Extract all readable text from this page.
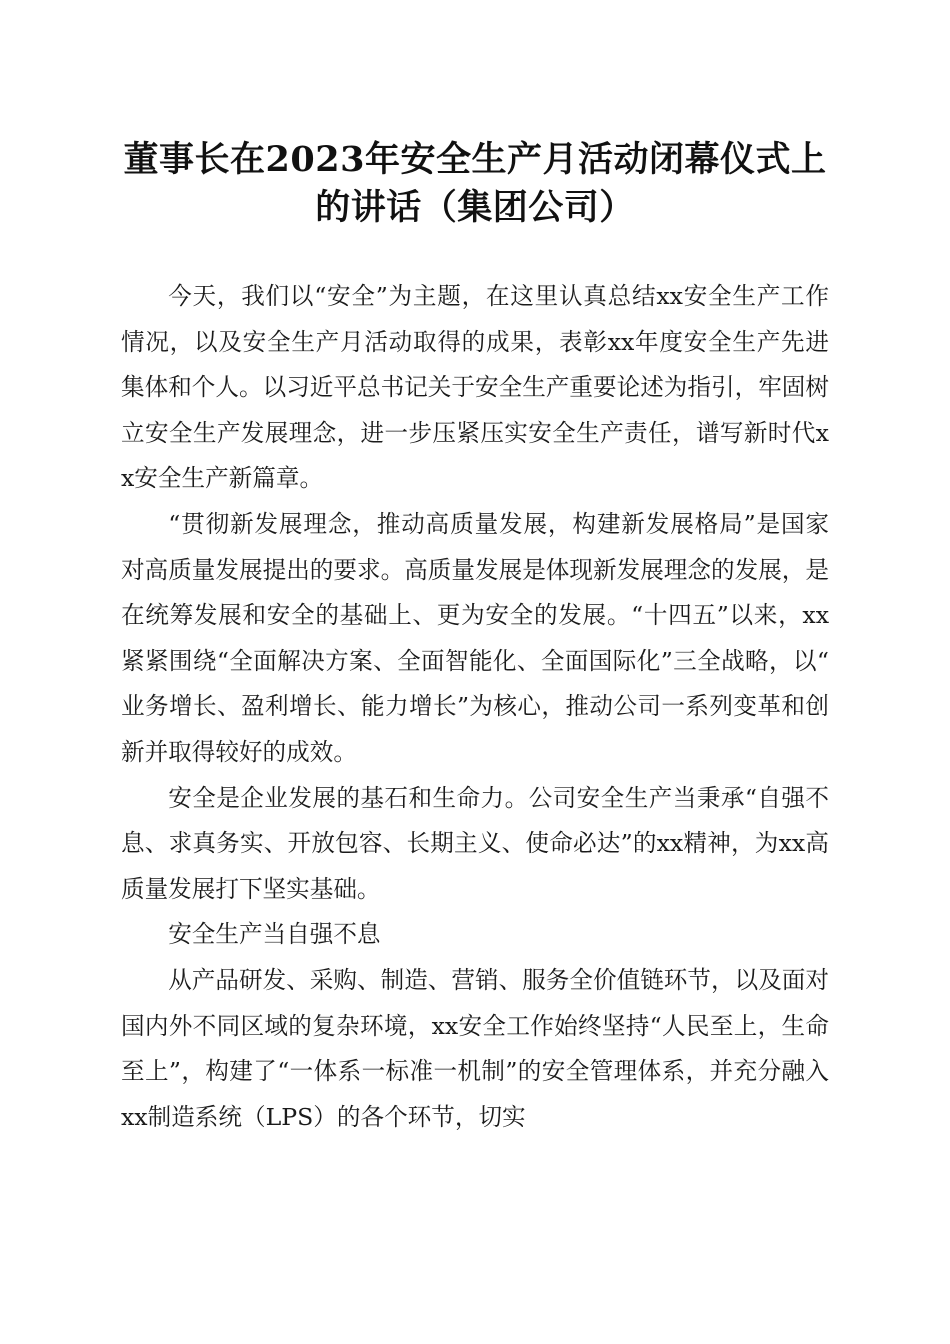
董事长在2023年安全生产月活动闭幕仪式上
的讲话（集团公司）

今天，我们以“安全”为主题，在这里认真总结xx安全生产工作情况，以及安全生产月活动取得的成果，表彰xx年度安全生产先进集体和个人。以习近平总书记关于安全生产重要论述为指引，牢固树立安全生产发展理念，进一步压紧压实安全生产责任，谱写新时代xx安全生产新篇章。

“贯彻新发展理念，推动高质量发展，构建新发展格局”是国家对高质量发展提出的要求。高质量发展是体现新发展理念的发展，是在统筹发展和安全的基础上、更为安全的发展。“十四五”以来，xx紧紧围绕“全面解决方案、全面智能化、全面国际化”三全战略，以“业务增长、盈利增长、能力增长”为核心，推动公司一系列变革和创新并取得较好的成效。

安全是企业发展的基石和生命力。公司安全生产当秉承“自强不息、求真务实、开放包容、长期主义、使命必达”的xx精神，为xx高质量发展打下坚实基础。

安全生产当自强不息

从产品研发、采购、制造、营销、服务全价值链环节，以及面对国内外不同区域的复杂环境，xx安全工作始终坚持“人民至上，生命至上”，构建了“一体系一标准一机制”的安全管理体系，并充分融入xx制造系统（LPS）的各个环节，切实
